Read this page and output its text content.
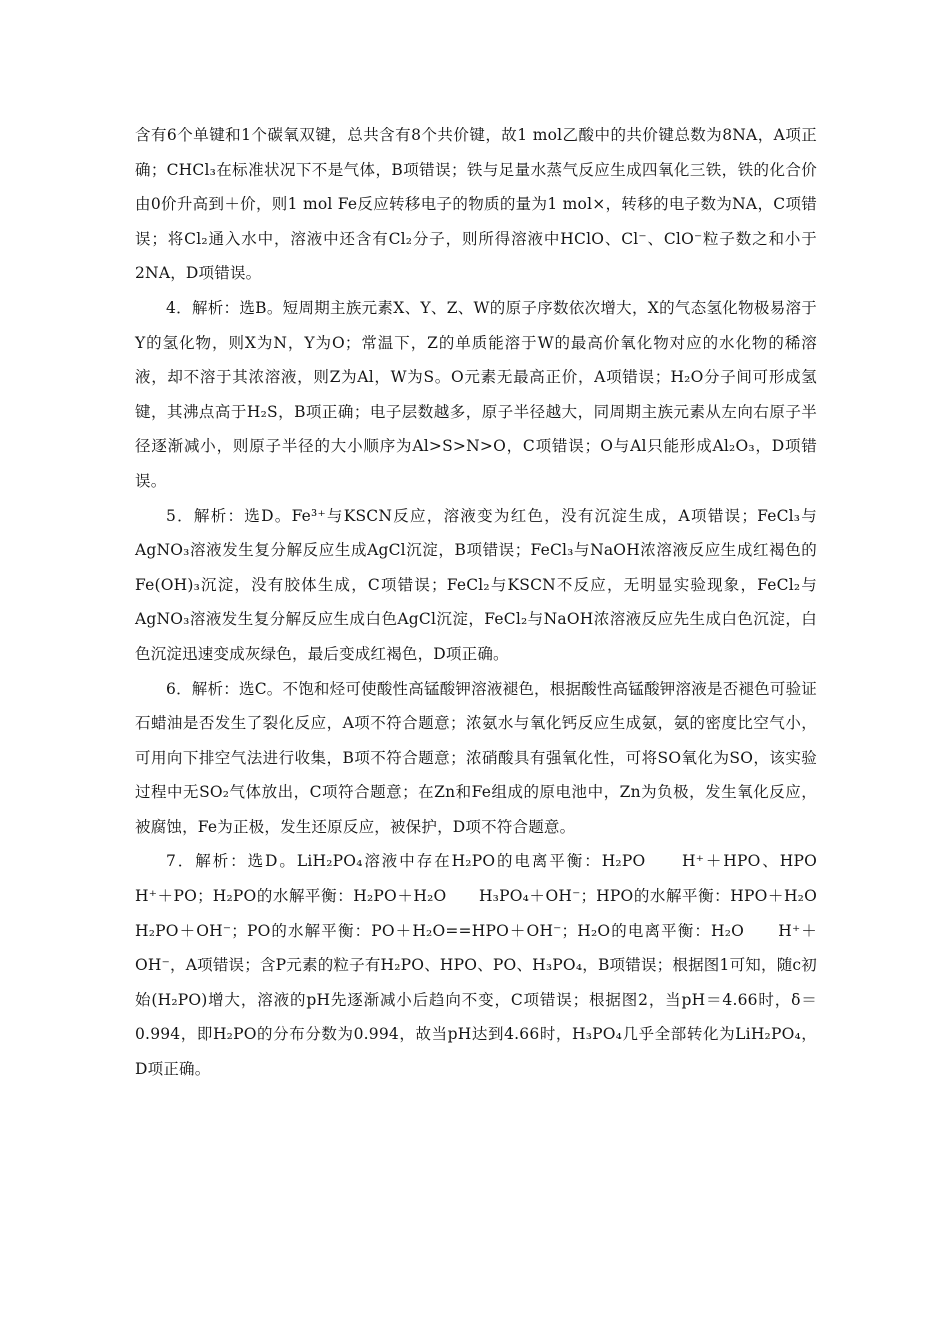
含有6个单键和1个碳氧双键，总共含有8个共价键，故1 mol乙酸中的共价键总数为8NA，A项正确；CHCl₃在标准状况下不是气体，B项错误；铁与足量水蒸气反应生成四氧化三铁，铁的化合价由0价升高到＋价，则1 mol Fe反应转移电子的物质的量为1 mol×，转移的电子数为NA，C项错误；将Cl₂通入水中，溶液中还含有Cl₂分子，则所得溶液中HClO、Cl⁻、ClO⁻粒子数之和小于2NA，D项错误。

4．解析：选B。短周期主族元素X、Y、Z、W的原子序数依次增大，X的气态氢化物极易溶于Y的氢化物，则X为N，Y为O；常温下，Z的单质能溶于W的最高价氧化物对应的水化物的稀溶液，却不溶于其浓溶液，则Z为Al，W为S。O元素无最高正价，A项错误；H₂O分子间可形成氢键，其沸点高于H₂S，B项正确；电子层数越多，原子半径越大，同周期主族元素从左向右原子半径逐渐减小，则原子半径的大小顺序为Al>S>N>O，C项错误；O与Al只能形成Al₂O₃，D项错误。

5．解析：选D。Fe³⁺与KSCN反应，溶液变为红色，没有沉淀生成，A项错误；FeCl₃与AgNO₃溶液发生复分解反应生成AgCl沉淀，B项错误；FeCl₃与NaOH浓溶液反应生成红褐色的Fe(OH)₃沉淀，没有胶体生成，C项错误；FeCl₂与KSCN不反应，无明显实验现象，FeCl₂与AgNO₃溶液发生复分解反应生成白色AgCl沉淀，FeCl₂与NaOH浓溶液反应先生成白色沉淀，白色沉淀迅速变成灰绿色，最后变成红褐色，D项正确。

6．解析：选C。不饱和烃可使酸性高锰酸钾溶液褪色，根据酸性高锰酸钾溶液是否褪色可验证石蜡油是否发生了裂化反应，A项不符合题意；浓氨水与氧化钙反应生成氨，氨的密度比空气小，可用向下排空气法进行收集，B项不符合题意；浓硝酸具有强氧化性，可将SO氧化为SO，该实验过程中无SO₂气体放出，C项符合题意；在Zn和Fe组成的原电池中，Zn为负极，发生氧化反应，被腐蚀，Fe为正极，发生还原反应，被保护，D项不符合题意。

7．解析：选D。LiH₂PO₄溶液中存在H₂PO的电离平衡：H₂PO　　H⁺＋HPO、HPO　　H⁺＋PO；H₂PO的水解平衡：H₂PO＋H₂O　　H₃PO₄＋OH⁻；HPO的水解平衡：HPO＋H₂O　　H₂PO＋OH⁻；PO的水解平衡：PO＋H₂O==HPO＋OH⁻；H₂O的电离平衡：H₂O　　H⁺＋OH⁻，A项错误；含P元素的粒子有H₂PO、HPO、PO、H₃PO₄，B项错误；根据图1可知，随c初始(H₂PO)增大，溶液的pH先逐渐减小后趋向不变，C项错误；根据图2，当pH＝4.66时，δ＝0.994，即H₂PO的分布分数为0.994，故当pH达到4.66时，H₃PO₄几乎全部转化为LiH₂PO₄，D项正确。
